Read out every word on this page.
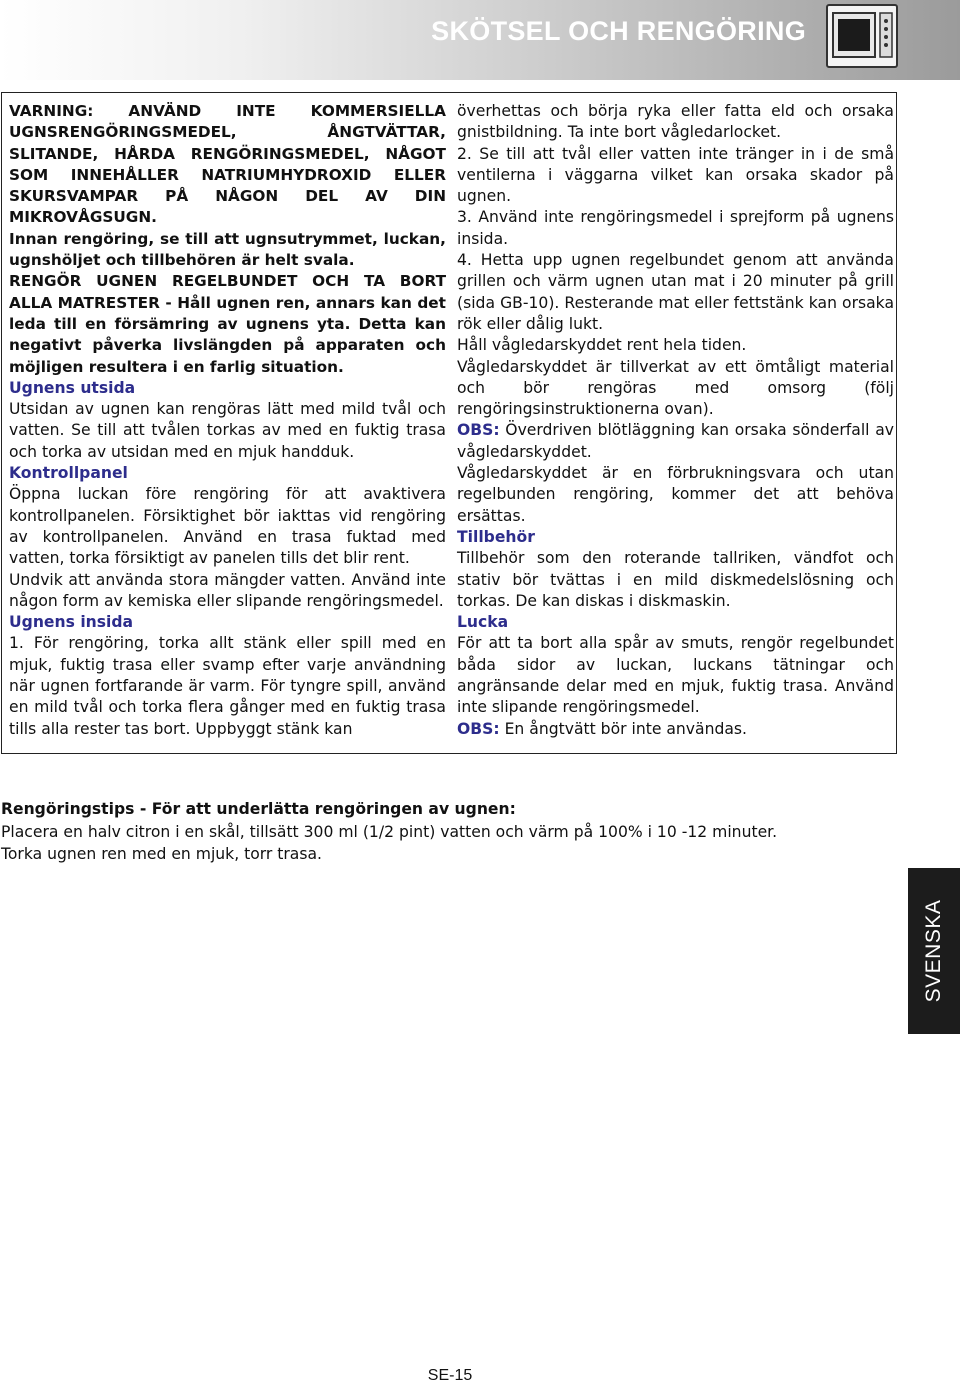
SKÖTSEL OCH RENGÖRING

VARNING: ANVÄND INTE KOMMERSIELLA UGNSRENGÖRINGSMEDEL, ÅNGTVÄTTAR, SLITANDE, HÅRDA RENGÖRINGSMEDEL, NÅGOT SOM INNEHÅLLER NATRIUMHYDROXID ELLER SKURSVAMPAR PÅ NÅGON DEL AV DIN MIKROVÅGSUGN.

Innan rengöring, se till att ugnsutrymmet, luckan, ugnshöljet och tillbehören är helt svala.

RENGÖR UGNEN REGELBUNDET OCH TA BORT ALLA MATRESTER - Håll ugnen ren, annars kan det leda till en försämring av ugnens yta. Detta kan negativt påverka livslängden på apparaten och möjligen resultera i en farlig situation.

Ugnens utsida

Utsidan av ugnen kan rengöras lätt med mild tvål och vatten. Se till att tvålen torkas av med en fuktig trasa och torka av utsidan med en mjuk handduk.

Kontrollpanel

Öppna luckan före rengöring för att avaktivera kontrollpanelen. Försiktighet bör iakttas vid rengöring av kontrollpanelen. Använd en trasa fuktad med vatten, torka försiktigt av panelen tills det blir rent.

Undvik att använda stora mängder vatten. Använd inte någon form av kemiska eller slipande rengöringsmedel.

Ugnens insida

1. För rengöring, torka allt stänk eller spill med en mjuk, fuktig trasa eller svamp efter varje användning när ugnen fortfarande är varm. För tyngre spill, använd en mild tvål och torka flera gånger med en fuktig trasa tills alla rester tas bort. Uppbyggt stänk kan

överhettas och börja ryka eller fatta eld och orsaka gnistbildning. Ta inte bort vågledarlocket.

2. Se till att tvål eller vatten inte tränger in i de små ventilerna i väggarna vilket kan orsaka skador på ugnen.

3. Använd inte rengöringsmedel i sprejform på ugnens insida.

4. Hetta upp ugnen regelbundet genom att använda grillen och värm ugnen utan mat i 20 minuter på grill (sida GB-10). Resterande mat eller fettstänk kan orsaka rök eller dålig lukt.

Håll vågledarskyddet rent hela tiden.

Vågledarskyddet är tillverkat av ett ömtåligt material och bör rengöras med omsorg (följ rengöringsinstruktionerna ovan).

OBS: Överdriven blötläggning kan orsaka sönderfall av vågledarskyddet.

Vågledarskyddet är en förbrukningsvara och utan regelbunden rengöring, kommer det att behöva ersättas.

Tillbehör

Tillbehör som den roterande tallriken, vändfot och stativ bör tvättas i en mild diskmedelslösning och torkas. De kan diskas i diskmaskin.

Lucka

För att ta bort alla spår av smuts, rengör regelbundet båda sidor av luckan, luckans tätningar och angränsande delar med en mjuk, fuktig trasa. Använd inte slipande rengöringsmedel.

OBS: En ångtvätt bör inte användas.

Rengöringstips - För att underlätta rengöringen av ugnen:

Placera en halv citron i en skål, tillsätt 300 ml (1/2 pint) vatten och värm på 100% i 10 -12 minuter.

Torka ugnen ren med en mjuk, torr trasa.

SVENSKA
SE-15
